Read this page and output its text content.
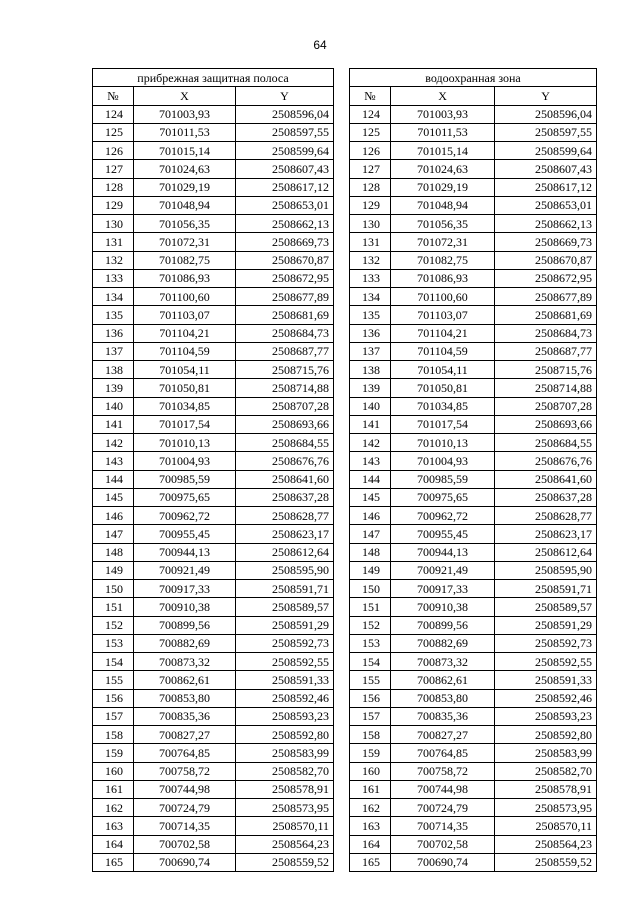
64
прибрежная защитная полоса				водоохранная зона		
№	X	Y		№	X	Y
124	701003,93	2508596,04		124	701003,93	2508596,04
125	701011,53	2508597,55		125	701011,53	2508597,55
126	701015,14	2508599,64		126	701015,14	2508599,64
127	701024,63	2508607,43		127	701024,63	2508607,43
128	701029,19	2508617,12		128	701029,19	2508617,12
129	701048,94	2508653,01		129	701048,94	2508653,01
130	701056,35	2508662,13		130	701056,35	2508662,13
131	701072,31	2508669,73		131	701072,31	2508669,73
132	701082,75	2508670,87		132	701082,75	2508670,87
133	701086,93	2508672,95		133	701086,93	2508672,95
134	701100,60	2508677,89		134	701100,60	2508677,89
135	701103,07	2508681,69		135	701103,07	2508681,69
136	701104,21	2508684,73		136	701104,21	2508684,73
137	701104,59	2508687,77		137	701104,59	2508687,77
138	701054,11	2508715,76		138	701054,11	2508715,76
139	701050,81	2508714,88		139	701050,81	2508714,88
140	701034,85	2508707,28		140	701034,85	2508707,28
141	701017,54	2508693,66		141	701017,54	2508693,66
142	701010,13	2508684,55		142	701010,13	2508684,55
143	701004,93	2508676,76		143	701004,93	2508676,76
144	700985,59	2508641,60		144	700985,59	2508641,60
145	700975,65	2508637,28		145	700975,65	2508637,28
146	700962,72	2508628,77		146	700962,72	2508628,77
147	700955,45	2508623,17		147	700955,45	2508623,17
148	700944,13	2508612,64		148	700944,13	2508612,64
149	700921,49	2508595,90		149	700921,49	2508595,90
150	700917,33	2508591,71		150	700917,33	2508591,71
151	700910,38	2508589,57		151	700910,38	2508589,57
152	700899,56	2508591,29		152	700899,56	2508591,29
153	700882,69	2508592,73		153	700882,69	2508592,73
154	700873,32	2508592,55		154	700873,32	2508592,55
155	700862,61	2508591,33		155	700862,61	2508591,33
156	700853,80	2508592,46		156	700853,80	2508592,46
157	700835,36	2508593,23		157	700835,36	2508593,23
158	700827,27	2508592,80		158	700827,27	2508592,80
159	700764,85	2508583,99		159	700764,85	2508583,99
160	700758,72	2508582,70		160	700758,72	2508582,70
161	700744,98	2508578,91		161	700744,98	2508578,91
162	700724,79	2508573,95		162	700724,79	2508573,95
163	700714,35	2508570,11		163	700714,35	2508570,11
164	700702,58	2508564,23		164	700702,58	2508564,23
165	700690,74	2508559,52		165	700690,74	2508559,52
